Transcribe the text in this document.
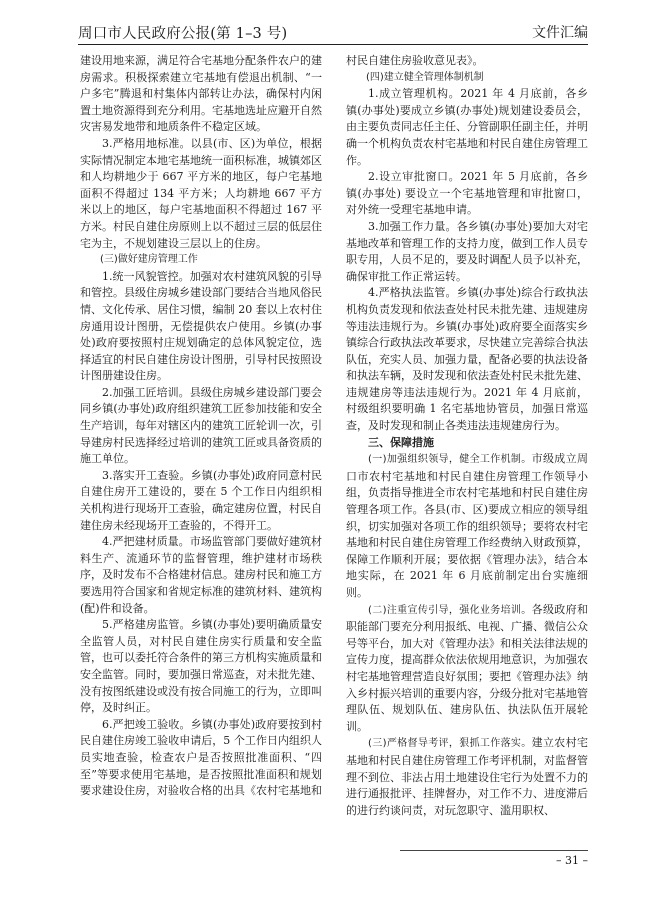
周口市人民政府公报(第 1–3 号)	文件汇编

建设用地来源，满足符合宅基地分配条件农户的建房需求。积极探索建立宅基地有偿退出机制、“一户多宅”腾退和村集体内部转让办法，确保村内闲置土地资源得到充分利用。宅基地选址应避开自然灾害易发地带和地质条件不稳定区域。

3.严格用地标准。以县(市、区)为单位，根据实际情况制定本地宅基地统一面积标准，城镇郊区和人均耕地少于 667 平方米的地区，每户宅基地面积不得超过 134 平方米；人均耕地 667 平方米以上的地区，每户宅基地面积不得超过 167 平方米。村民自建住房原则上以不超过三层的低层住宅为主，不规划建设三层以上的住房。

(三)做好建房管理工作

1.统一风貌管控。加强对农村建筑风貌的引导和管控。县级住房城乡建设部门要结合当地风俗民情、文化传承、居住习惯，编制 20 套以上农村住房通用设计图册，无偿提供农户使用。乡镇(办事处)政府要按照村庄规划确定的总体风貌定位，选择适宜的村民自建住房设计图册，引导村民按照设计图册建设住房。

2.加强工匠培训。县级住房城乡建设部门要会同乡镇(办事处)政府组织建筑工匠参加技能和安全生产培训，每年对辖区内的建筑工匠轮训一次，引导建房村民选择经过培训的建筑工匠或具备资质的施工单位。

3.落实开工查验。乡镇(办事处)政府同意村民自建住房开工建设的，要在 5 个工作日内组织相关机构进行现场开工查验，确定建房位置，村民自建住房未经现场开工查验的，不得开工。

4.严把建材质量。市场监管部门要做好建筑材料生产、流通环节的监督管理，维护建材市场秩序，及时发布不合格建材信息。建房村民和施工方要选用符合国家和省规定标准的建筑材料、建筑构(配)件和设备。

5.严格建房监管。乡镇(办事处)要明确质量安全监管人员，对村民自建住房实行质量和安全监管，也可以委托符合条件的第三方机构实施质量和安全监管。同时，要加强日常巡查，对未批先建、没有按图纸建设或没有按合同施工的行为，立即叫停，及时纠正。

6.严把竣工验收。乡镇(办事处)政府要按到村民自建住房竣工验收申请后，5 个工作日内组织人员实地查验，检查农户是否按照批准面积、“四至”等要求使用宅基地，是否按照批准面积和规划要求建设住房，对验收合格的出具《农村宅基地和

村民自建住房验收意见表》。

(四)建立健全管理体制机制

1.成立管理机构。2021 年 4 月底前，各乡镇(办事处)要成立乡镇(办事处)规划建设委员会，由主要负责同志任主任、分管副职任副主任，并明确一个机构负责农村宅基地和村民自建住房管理工作。

2.设立审批窗口。2021 年 5 月底前，各乡镇(办事处) 要设立一个宅基地管理和审批窗口，对外统一受理宅基地申请。

3.加强工作力量。各乡镇(办事处)要加大对宅基地改革和管理工作的支持力度，做到工作人员专职专用，人员不足的，要及时调配人员予以补充，确保审批工作正常运转。

4.严格执法监管。乡镇(办事处)综合行政执法机构负责发现和依法查处村民未批先建、违规建房等违法违规行为。乡镇(办事处)政府要全面落实乡镇综合行政执法改革要求，尽快建立完善综合执法队伍，充实人员、加强力量，配备必要的执法设备和执法车辆，及时发现和依法查处村民未批先建、违规建房等违法违规行为。2021 年 4 月底前，村级组织要明确 1 名宅基地协管员，加强日常巡查，及时发现和制止各类违法违规建房行为。

三、保障措施

(一)加强组织领导，健全工作机制。市级成立周口市农村宅基地和村民自建住房管理工作领导小组，负责指导推进全市农村宅基地和村民自建住房管理各项工作。各县(市、区)要成立相应的领导组织，切实加强对各项工作的组织领导；要将农村宅基地和村民自建住房管理工作经费纳入财政预算，保障工作顺利开展；要依据《管理办法》，结合本地实际，在 2021 年 6 月底前制定出台实施细则。

(二)注重宣传引导，强化业务培训。各级政府和职能部门要充分利用报纸、电视、广播、微信公众号等平台，加大对《管理办法》和相关法律法规的宣传力度，提高群众依法依规用地意识，为加强农村宅基地管理营造良好氛围；要把《管理办法》纳入乡村振兴培训的重要内容，分级分批对宅基地管理队伍、规划队伍、建房队伍、执法队伍开展轮训。

(三)严格督导考评，狠抓工作落实。建立农村宅基地和村民自建住房管理工作考评机制，对监督管理不到位、非法占用土地建设住宅行为处置不力的进行通报批评、挂牌督办，对工作不力、进度滞后的进行约谈问责，对玩忽职守、滥用职权、

– 31 –
